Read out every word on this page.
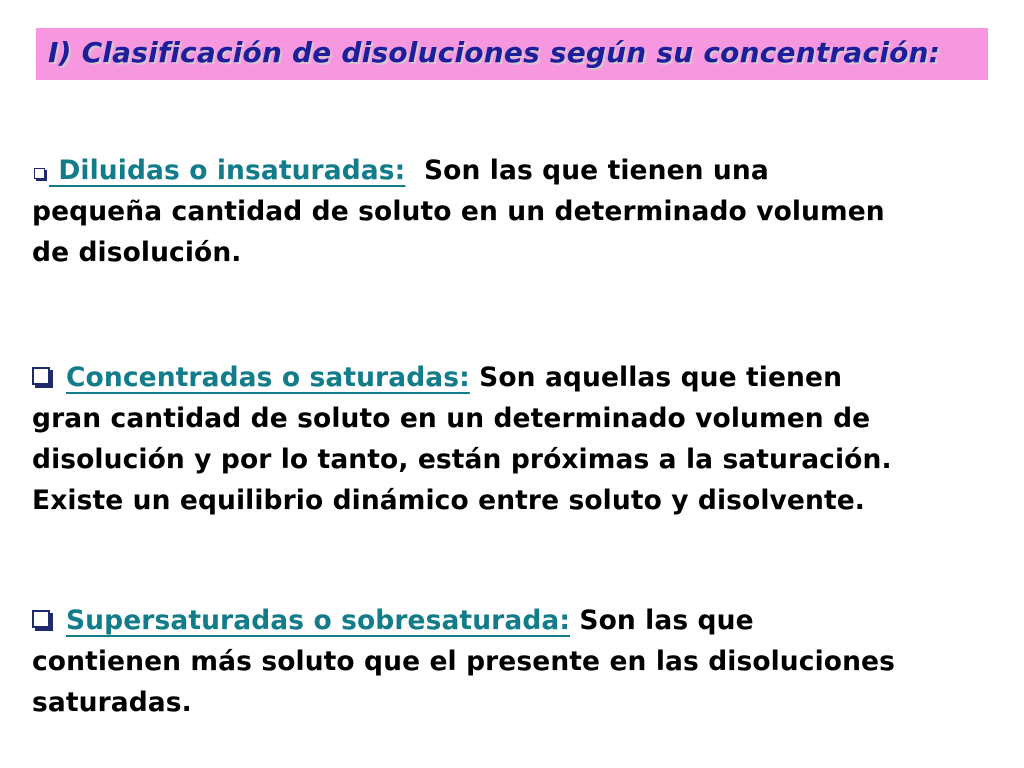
I) Clasificación de disoluciones según su concentración:
Diluidas o insaturadas:  Son las que tienen una
pequeña cantidad de soluto en un determinado volumen
de disolución.
Concentradas o saturadas: Son aquellas que tienen
gran cantidad de soluto en un determinado volumen de
disolución y por lo tanto, están próximas a la saturación.
Existe un equilibrio dinámico entre soluto y disolvente.
Supersaturadas o sobresaturada: Son las que
contienen más soluto que el presente en las disoluciones
saturadas.
